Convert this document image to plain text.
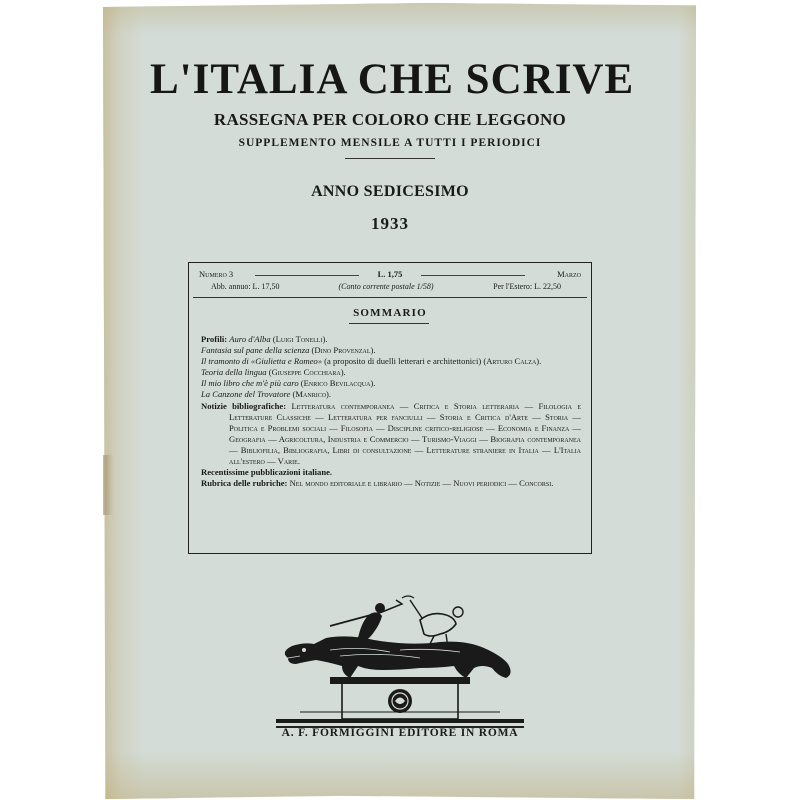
L'ITALIA CHE SCRIVE
RASSEGNA PER COLORO CHE LEGGONO
SUPPLEMENTO MENSILE A TUTTI I PERIODICI
ANNO SEDICESIMO
1933
Numero 3	L. 1,75	Marzo
Abb. annuo: L. 17,50	(Conto corrente postale 1/58)	Per l'Estero: L. 22,50
SOMMARIO

Profili: Auro d'Alba (Luigi Tonelli).

Fantasia sul pane della scienza (Dino Provenzal).

Il tramonto di «Giulietta e Romeo» (a proposito di duelli letterari e architettonici) (Arturo Calza).

Teoria della lingua (Giuseppe Cocchiara).

Il mio libro che m'è più caro (Enrico Bevilacqua).

La Canzone del Trovatore (Manrico).

Notizie bibliografiche: Letteratura contemporanea — Critica e Storia letteraria — Filologia e Letterature Classiche — Letteratura per fanciulli — Storia e Critica d'Arte — Storia — Politica e Problemi sociali — Filosofia — Discipline critico-religiose — Economia e Finanza — Geografia — Agricoltura, Industria e Commercio — Turismo-Viaggi — Biografia contemporanea — Bibliofilia, Bibliografia, Libri di consultazione — Letterature straniere in Italia — L'Italia all'estero — Varie.

Recentissime pubblicazioni italiane.

Rubrica delle rubriche: Nel mondo editoriale e librario — Notizie — Nuovi periodici — Concorsi.

A. F. FORMÍGGINI EDITORE IN ROMA
